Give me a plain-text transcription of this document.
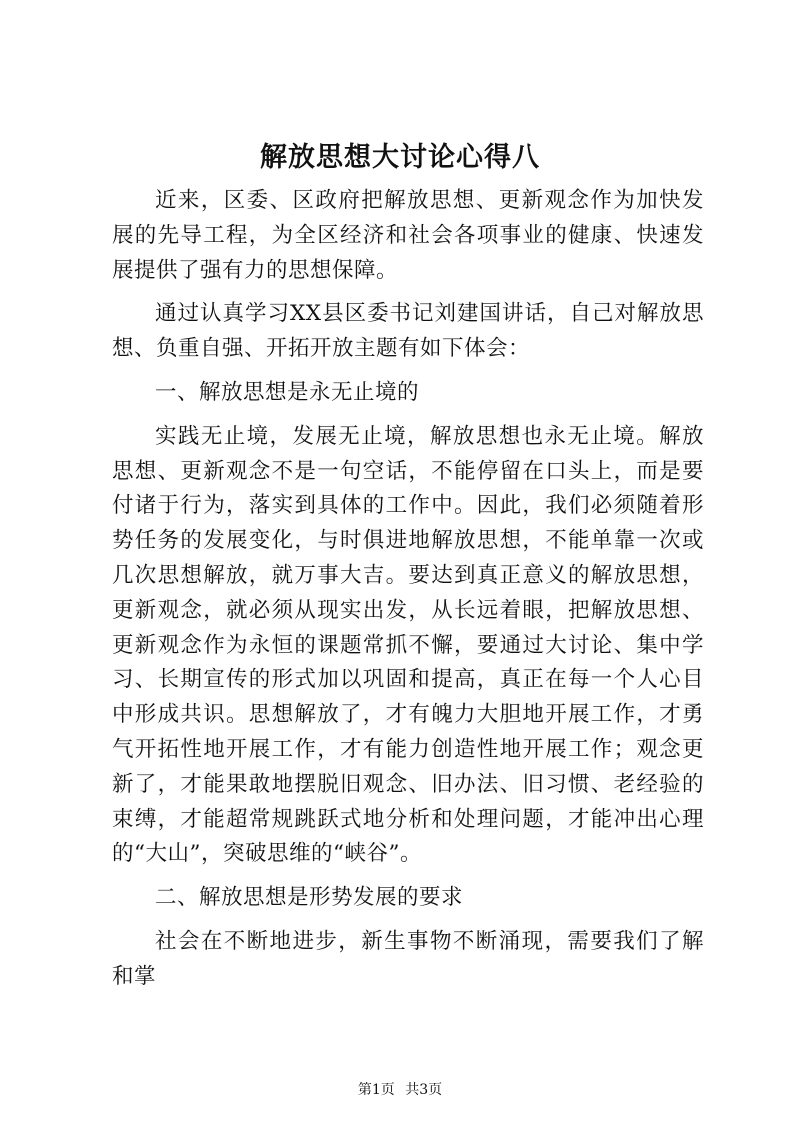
解放思想大讨论心得八

近来，区委、区政府把解放思想、更新观念作为加快发展的先导工程，为全区经济和社会各项事业的健康、快速发展提供了强有力的思想保障。

通过认真学习XX县区委书记刘建国讲话，自己对解放思想、负重自强、开拓开放主题有如下体会：

一、解放思想是永无止境的

实践无止境，发展无止境，解放思想也永无止境。解放思想、更新观念不是一句空话，不能停留在口头上，而是要付诸于行为，落实到具体的工作中。因此，我们必须随着形势任务的发展变化，与时俱进地解放思想，不能单靠一次或几次思想解放，就万事大吉。要达到真正意义的解放思想，更新观念，就必须从现实出发，从长远着眼，把解放思想、更新观念作为永恒的课题常抓不懈，要通过大讨论、集中学习、长期宣传的形式加以巩固和提高，真正在每一个人心目中形成共识。思想解放了，才有魄力大胆地开展工作，才勇气开拓性地开展工作，才有能力创造性地开展工作；观念更新了，才能果敢地摆脱旧观念、旧办法、旧习惯、老经验的束缚，才能超常规跳跃式地分析和处理问题，才能冲出心理的“大山”，突破思维的“峡谷”。

二、解放思想是形势发展的要求

社会在不断地进步，新生事物不断涌现，需要我们了解和掌

第1页 共3页
